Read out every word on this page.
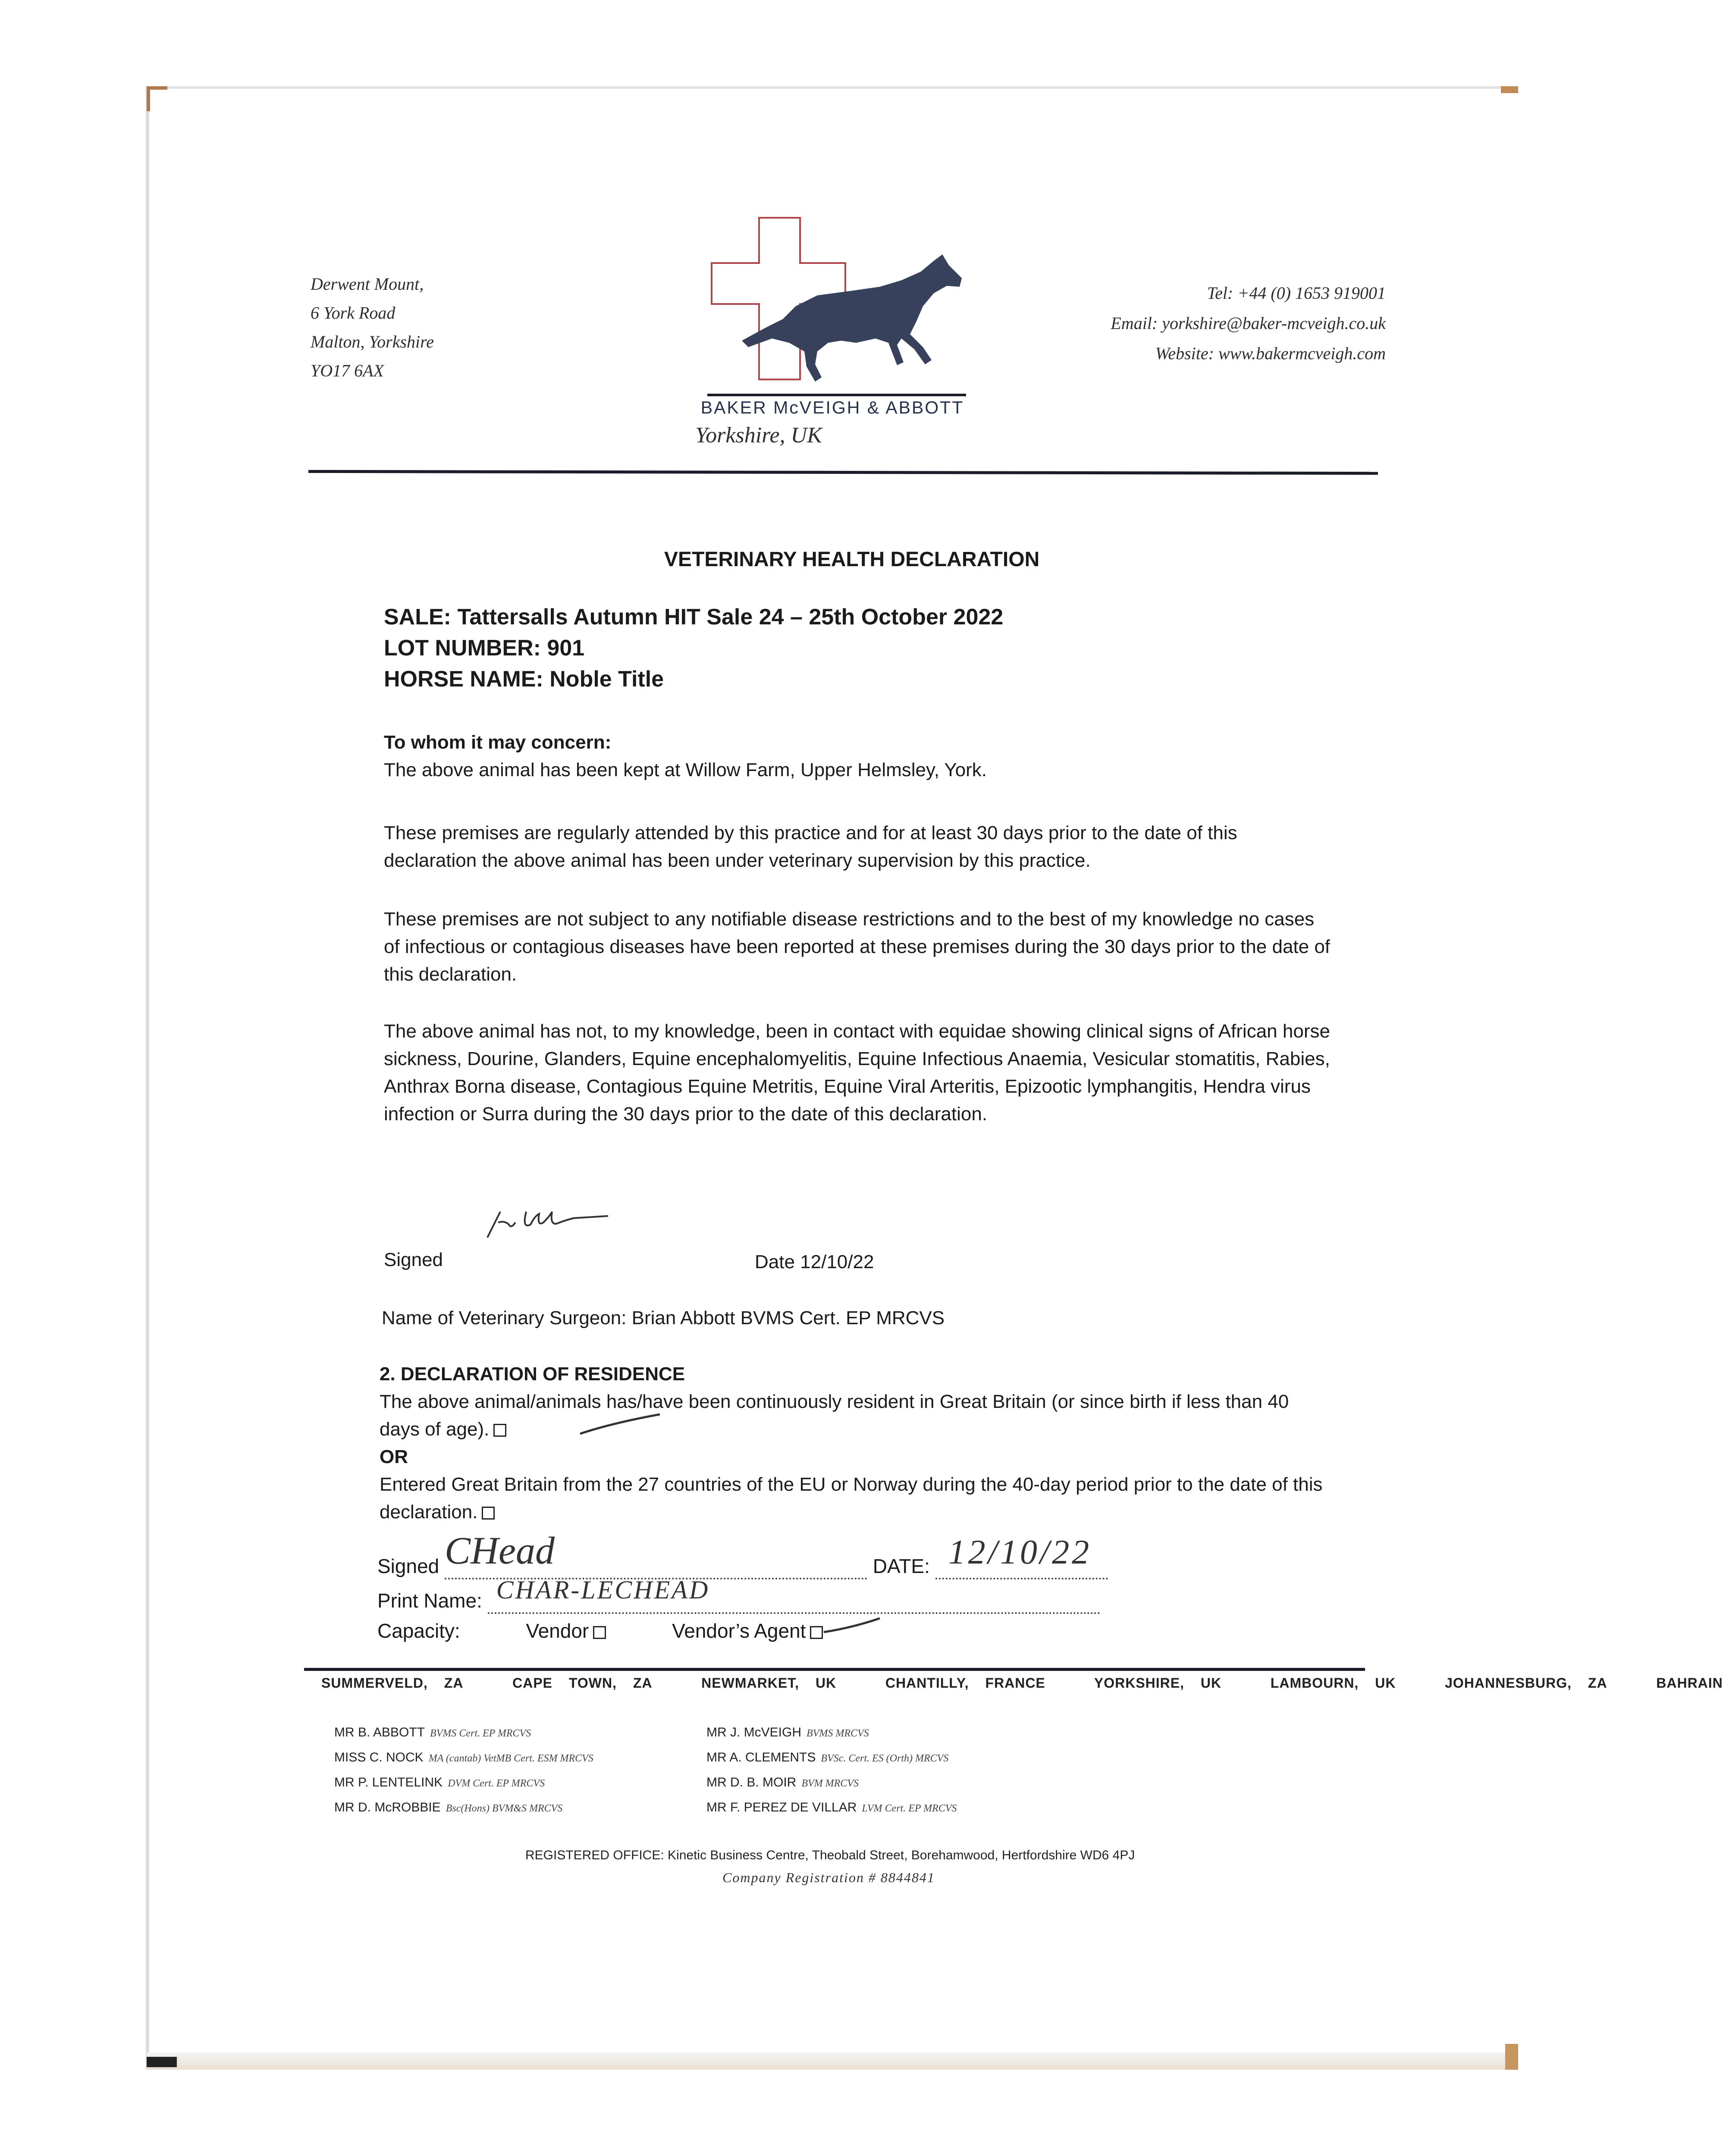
Derwent Mount,
6 York Road
Malton, Yorkshire
YO17 6AX
Tel: +44 (0) 1653 919001
Email: yorkshire@baker-mcveigh.co.uk
Website: www.bakermcveigh.com
BAKER McVEIGH & ABBOTT
Yorkshire, UK
VETERINARY HEALTH DECLARATION
SALE: Tattersalls Autumn HIT Sale 24 – 25th October 2022
LOT NUMBER: 901
HORSE NAME: Noble Title
To whom it may concern:
The above animal has been kept at Willow Farm, Upper Helmsley, York.
These premises are regularly attended by this practice and for at least 30 days prior to the date of this declaration the above animal has been under veterinary supervision by this practice.
These premises are not subject to any notifiable disease restrictions and to the best of my knowledge no cases of infectious or contagious diseases have been reported at these premises during the 30 days prior to the date of this declaration.
The above animal has not, to my knowledge, been in contact with equidae showing clinical signs of African horse sickness, Dourine, Glanders, Equine encephalomyelitis, Equine Infectious Anaemia, Vesicular stomatitis, Rabies, Anthrax Borna disease, Contagious Equine Metritis, Equine Viral Arteritis, Epizootic lymphangitis, Hendra virus infection or Surra during the 30 days prior to the date of this declaration.
Signed	Date 12/10/22
Name of Veterinary Surgeon: Brian Abbott BVMS Cert. EP MRCVS
2. DECLARATION OF RESIDENCE
The above animal/animals has/have been continuously resident in Great Britain (or since birth if less than 40 days of age).
OR
Entered Great Britain from the 27 countries of the EU or Norway during the 40-day period prior to the date of this declaration.
Signed CHead	DATE: 12/10/22

Print Name: CHAR-LECHEAD

Capacity:	Vendor	Vendor’s Agent
SUMMERVELD, ZA	CAPE TOWN, ZA	NEWMARKET, UK	CHANTILLY, FRANCE	YORKSHIRE, UK	LAMBOURN, UK	JOHANNESBURG, ZA	BAHRAIN
MR B. ABBOTT BVMS Cert. EP MRCVS
MISS C. NOCK MA (cantab) VetMB Cert. ESM MRCVS
MR P. LENTELINK DVM Cert. EP MRCVS
MR D. McROBBIE Bsc(Hons) BVM&S MRCVS
MR J. McVEIGH BVMS MRCVS
MR A. CLEMENTS BVSc. Cert. ES (Orth) MRCVS
MR D. B. MOIR BVM MRCVS
MR F. PEREZ DE VILLAR LVM Cert. EP MRCVS
REGISTERED OFFICE: Kinetic Business Centre, Theobald Street, Borehamwood, Hertfordshire WD6 4PJ
Company Registration # 8844841
